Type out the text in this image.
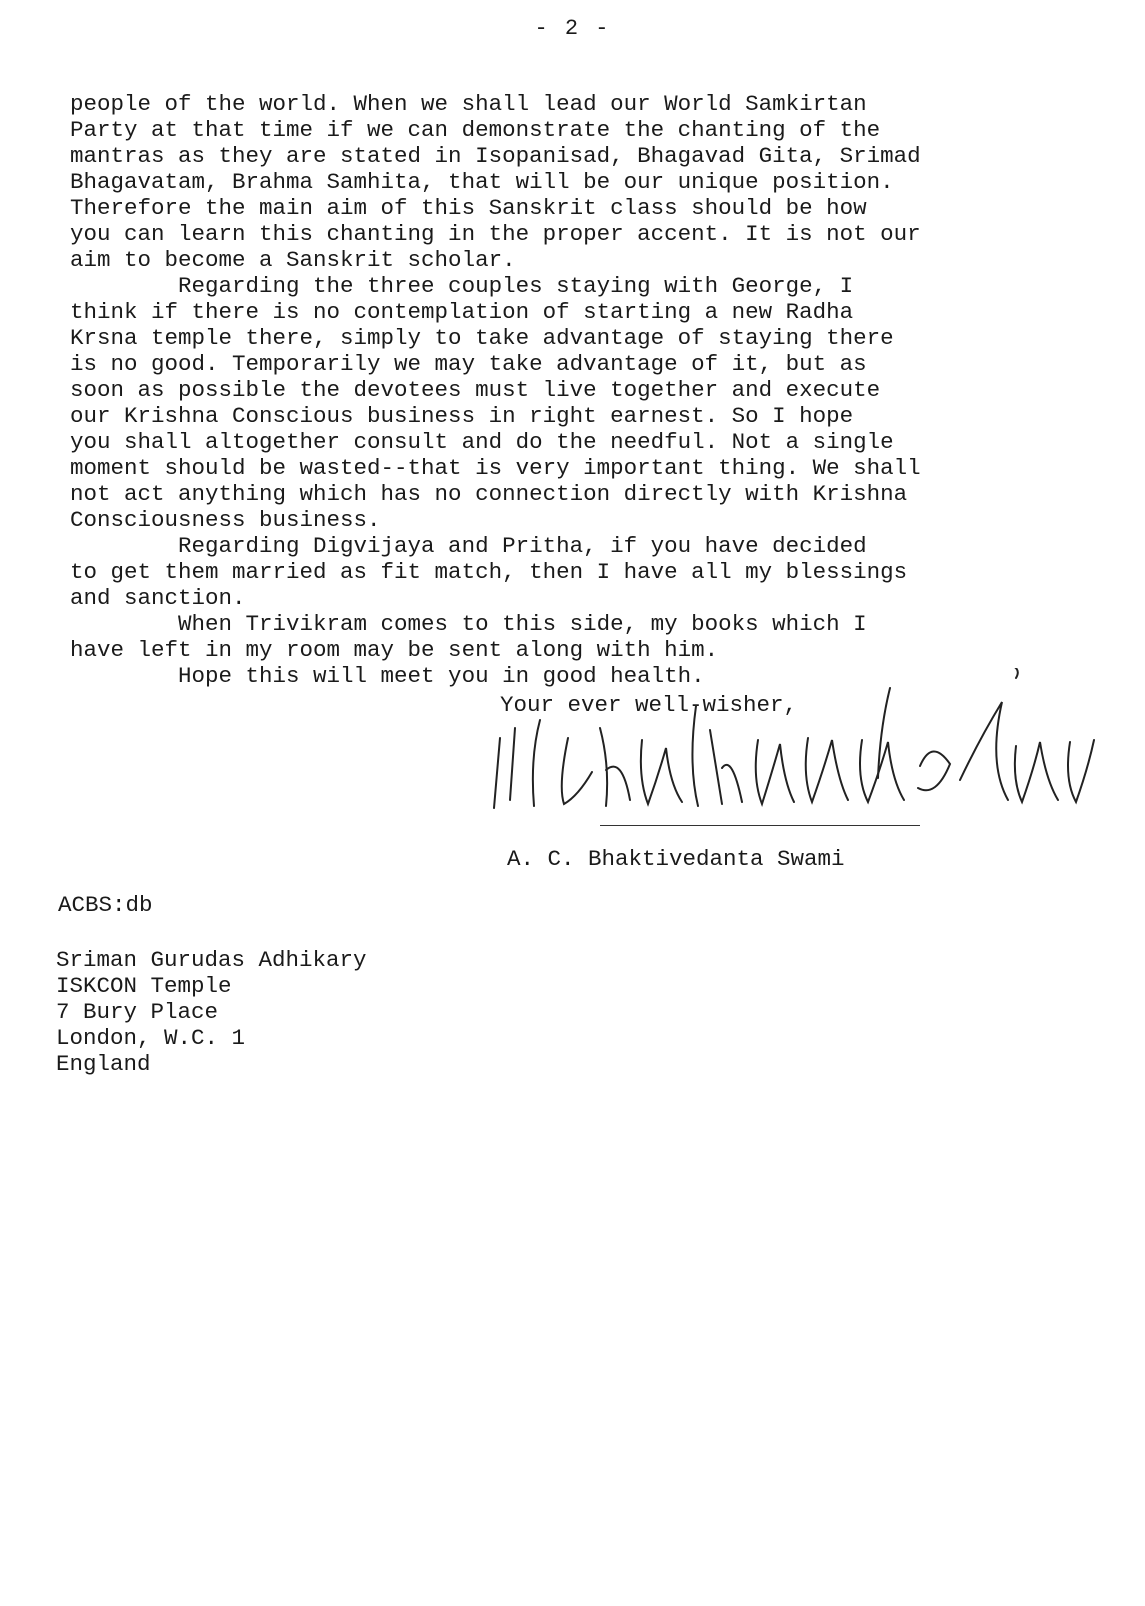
- 2 -
people of the world. When we shall lead our World Samkirtan
Party at that time if we can demonstrate the chanting of the
mantras as they are stated in Isopanisad, Bhagavad Gita, Srimad
Bhagavatam, Brahma Samhita, that will be our unique position.
Therefore the main aim of this Sanskrit class should be how
you can learn this chanting in the proper accent. It is not our
aim to become a Sanskrit scholar.
Regarding the three couples staying with George, I
think if there is no contemplation of starting a new Radha
Krsna temple there, simply to take advantage of staying there
is no good. Temporarily we may take advantage of it, but as
soon as possible the devotees must live together and execute
our Krishna Conscious business in right earnest. So I hope
you shall altogether consult and do the needful. Not a single
moment should be wasted--that is very important thing. We shall
not act anything which has no connection directly with Krishna
Consciousness business.
Regarding Digvijaya and Pritha, if you have decided
to get them married as fit match, then I have all my blessings
and sanction.
When Trivikram comes to this side, my books which I
have left in my room may be sent along with him.
Hope this will meet you in good health.
Your ever well-wisher,
A.C. Bhaktivedanta Swami
A. C. Bhaktivedanta Swami
ACBS:db
Sriman Gurudas Adhikary
ISKCON Temple
7 Bury Place
London, W.C. 1
England
